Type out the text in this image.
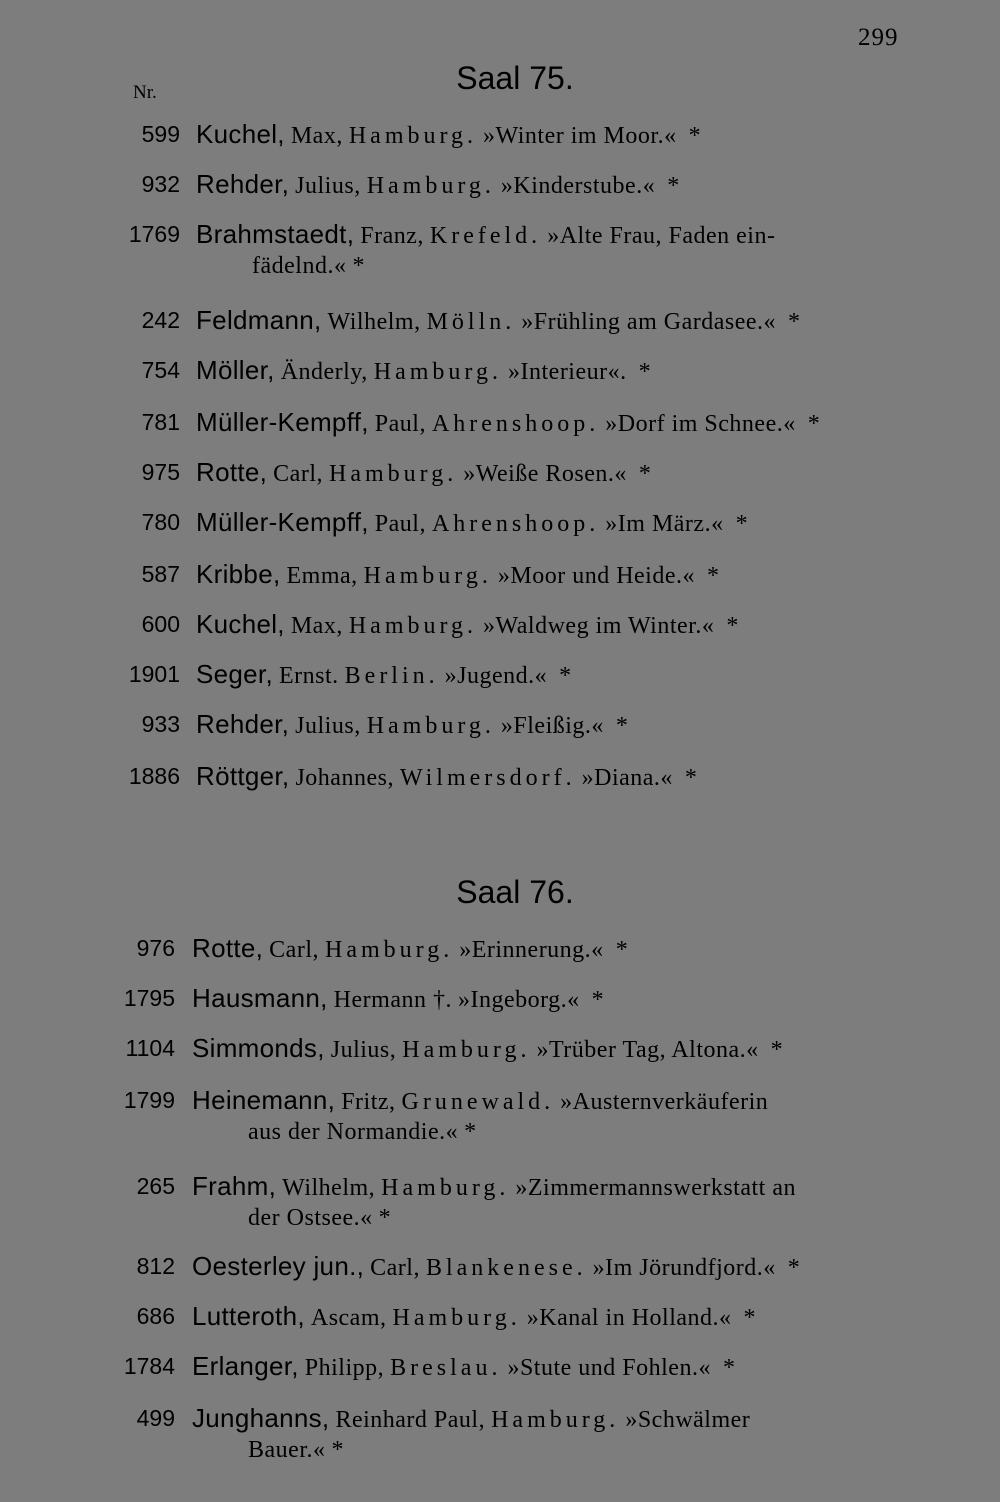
299
Nr.	Saal 75.
Saal 76.
599 Kuchel, Max, Hamburg. »Winter im Moor.« *
932 Rehder, Julius, Hamburg. »Kinderstube.« *
1769 Brahmstaedt, Franz, Krefeld. »Alte Frau, Faden ein-
fädelnd.« *
242 Feldmann, Wilhelm, Mölln. »Frühling am Gardasee.« *
754 Möller, Änderly, Hamburg. »Interieur«. *
781 Müller-Kempff, Paul, Ahrenshoop. »Dorf im Schnee.« *
975 Rotte, Carl, Hamburg. »Weiße Rosen.« *
780 Müller-Kempff, Paul, Ahrenshoop. »Im März.« *
587 Kribbe, Emma, Hamburg. »Moor und Heide.« *
600 Kuchel, Max, Hamburg. »Waldweg im Winter.« *
1901 Seger, Ernst. Berlin. »Jugend.« *
933 Rehder, Julius, Hamburg. »Fleißig.« *
1886 Röttger, Johannes, Wilmersdorf. »Diana.« *
976 Rotte, Carl, Hamburg. »Erinnerung.« *
1795 Hausmann, Hermann †. »Ingeborg.« *
1104 Simmonds, Julius, Hamburg. »Trüber Tag, Altona.« *
1799 Heinemann, Fritz, Grunewald. »Austernverkäuferin
aus der Normandie.« *
265 Frahm, Wilhelm, Hamburg. »Zimmermannswerkstatt an
der Ostsee.« *
812 Oesterley jun., Carl, Blankenese. »Im Jörundfjord.« *
686 Lutteroth, Ascam, Hamburg. »Kanal in Holland.« *
1784 Erlanger, Philipp, Breslau. »Stute und Fohlen.« *
499 Junghanns, Reinhard Paul, Hamburg. »Schwälmer
Bauer.« *
